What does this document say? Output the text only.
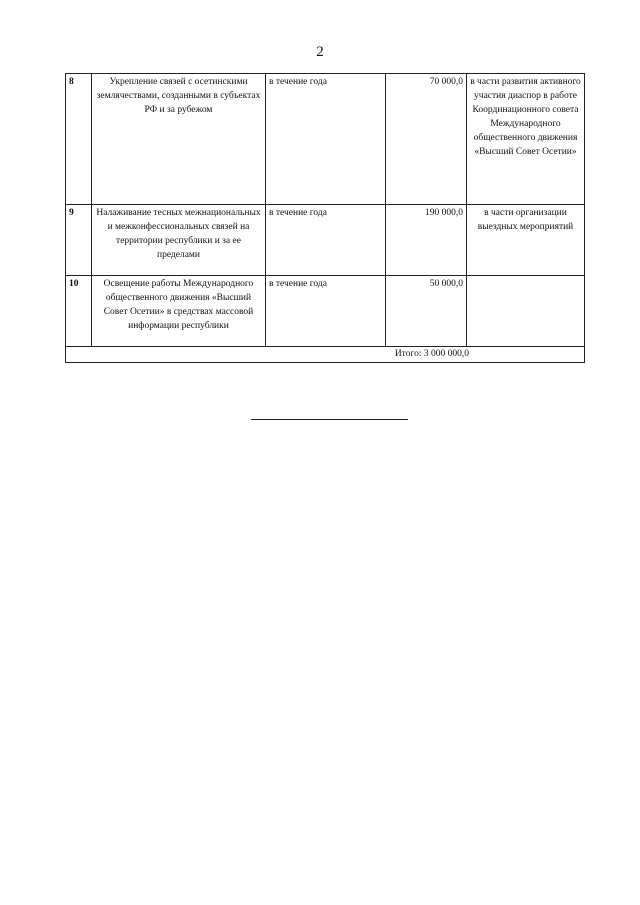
2
8	Укрепление связей с осетинскими землячествами, созданными в субъектах РФ и за рубежом	в течение года	70 000,0	в части развития активного участия диаспор в работе Координационного совета Международного общественного движения «Высший Совет Осетии»
9	Налаживание тесных межнациональных и межконфессиональных связей на территории республики и за ее пределами	в течение года	190 000,0	в части организации выездных мероприятий
10	Освещение работы Международного общественного движения «Высший Совет Осетии» в средствах массовой информации республики	в течение года	50 000,0	
Итого: 3 000 000,0				
